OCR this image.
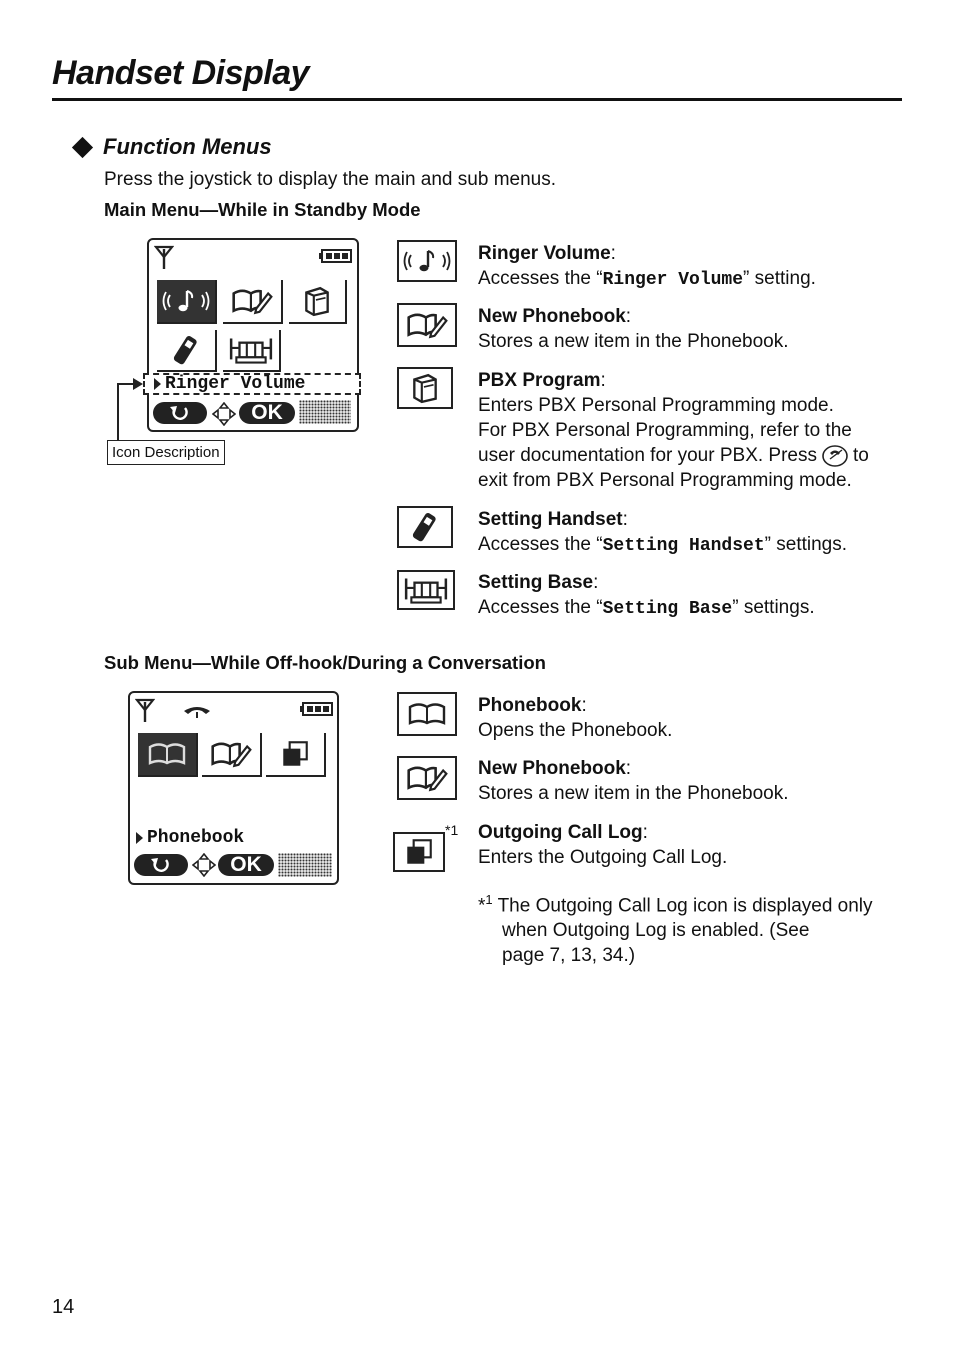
Handset Display
Function Menus
Press the joystick to display the main and sub menus.
Main Menu—While in Standby Mode
OK
Ringer Volume
Icon Description
Ringer Volume:
Accesses the “Ringer Volume” setting.
New Phonebook:
Stores a new item in the Phonebook.
PBX Program:
Enters PBX Personal Programming mode.
For PBX Personal Programming, refer to the
user documentation for your PBX. Press to
exit from PBX Personal Programming mode.
Setting Handset:
Accesses the “Setting Handset” settings.
Setting Base:
Accesses the “Setting Base” settings.
Sub Menu—While Off-hook/During a Conversation
Phonebook
OK
*1
Phonebook:
Opens the Phonebook.
New Phonebook:
Stores a new item in the Phonebook.
Outgoing Call Log:
Enters the Outgoing Call Log.
*$^1$ The Outgoing Call Log icon is displayed only
when Outgoing Log is enabled. (See
page 7, 13, 34.)
14
